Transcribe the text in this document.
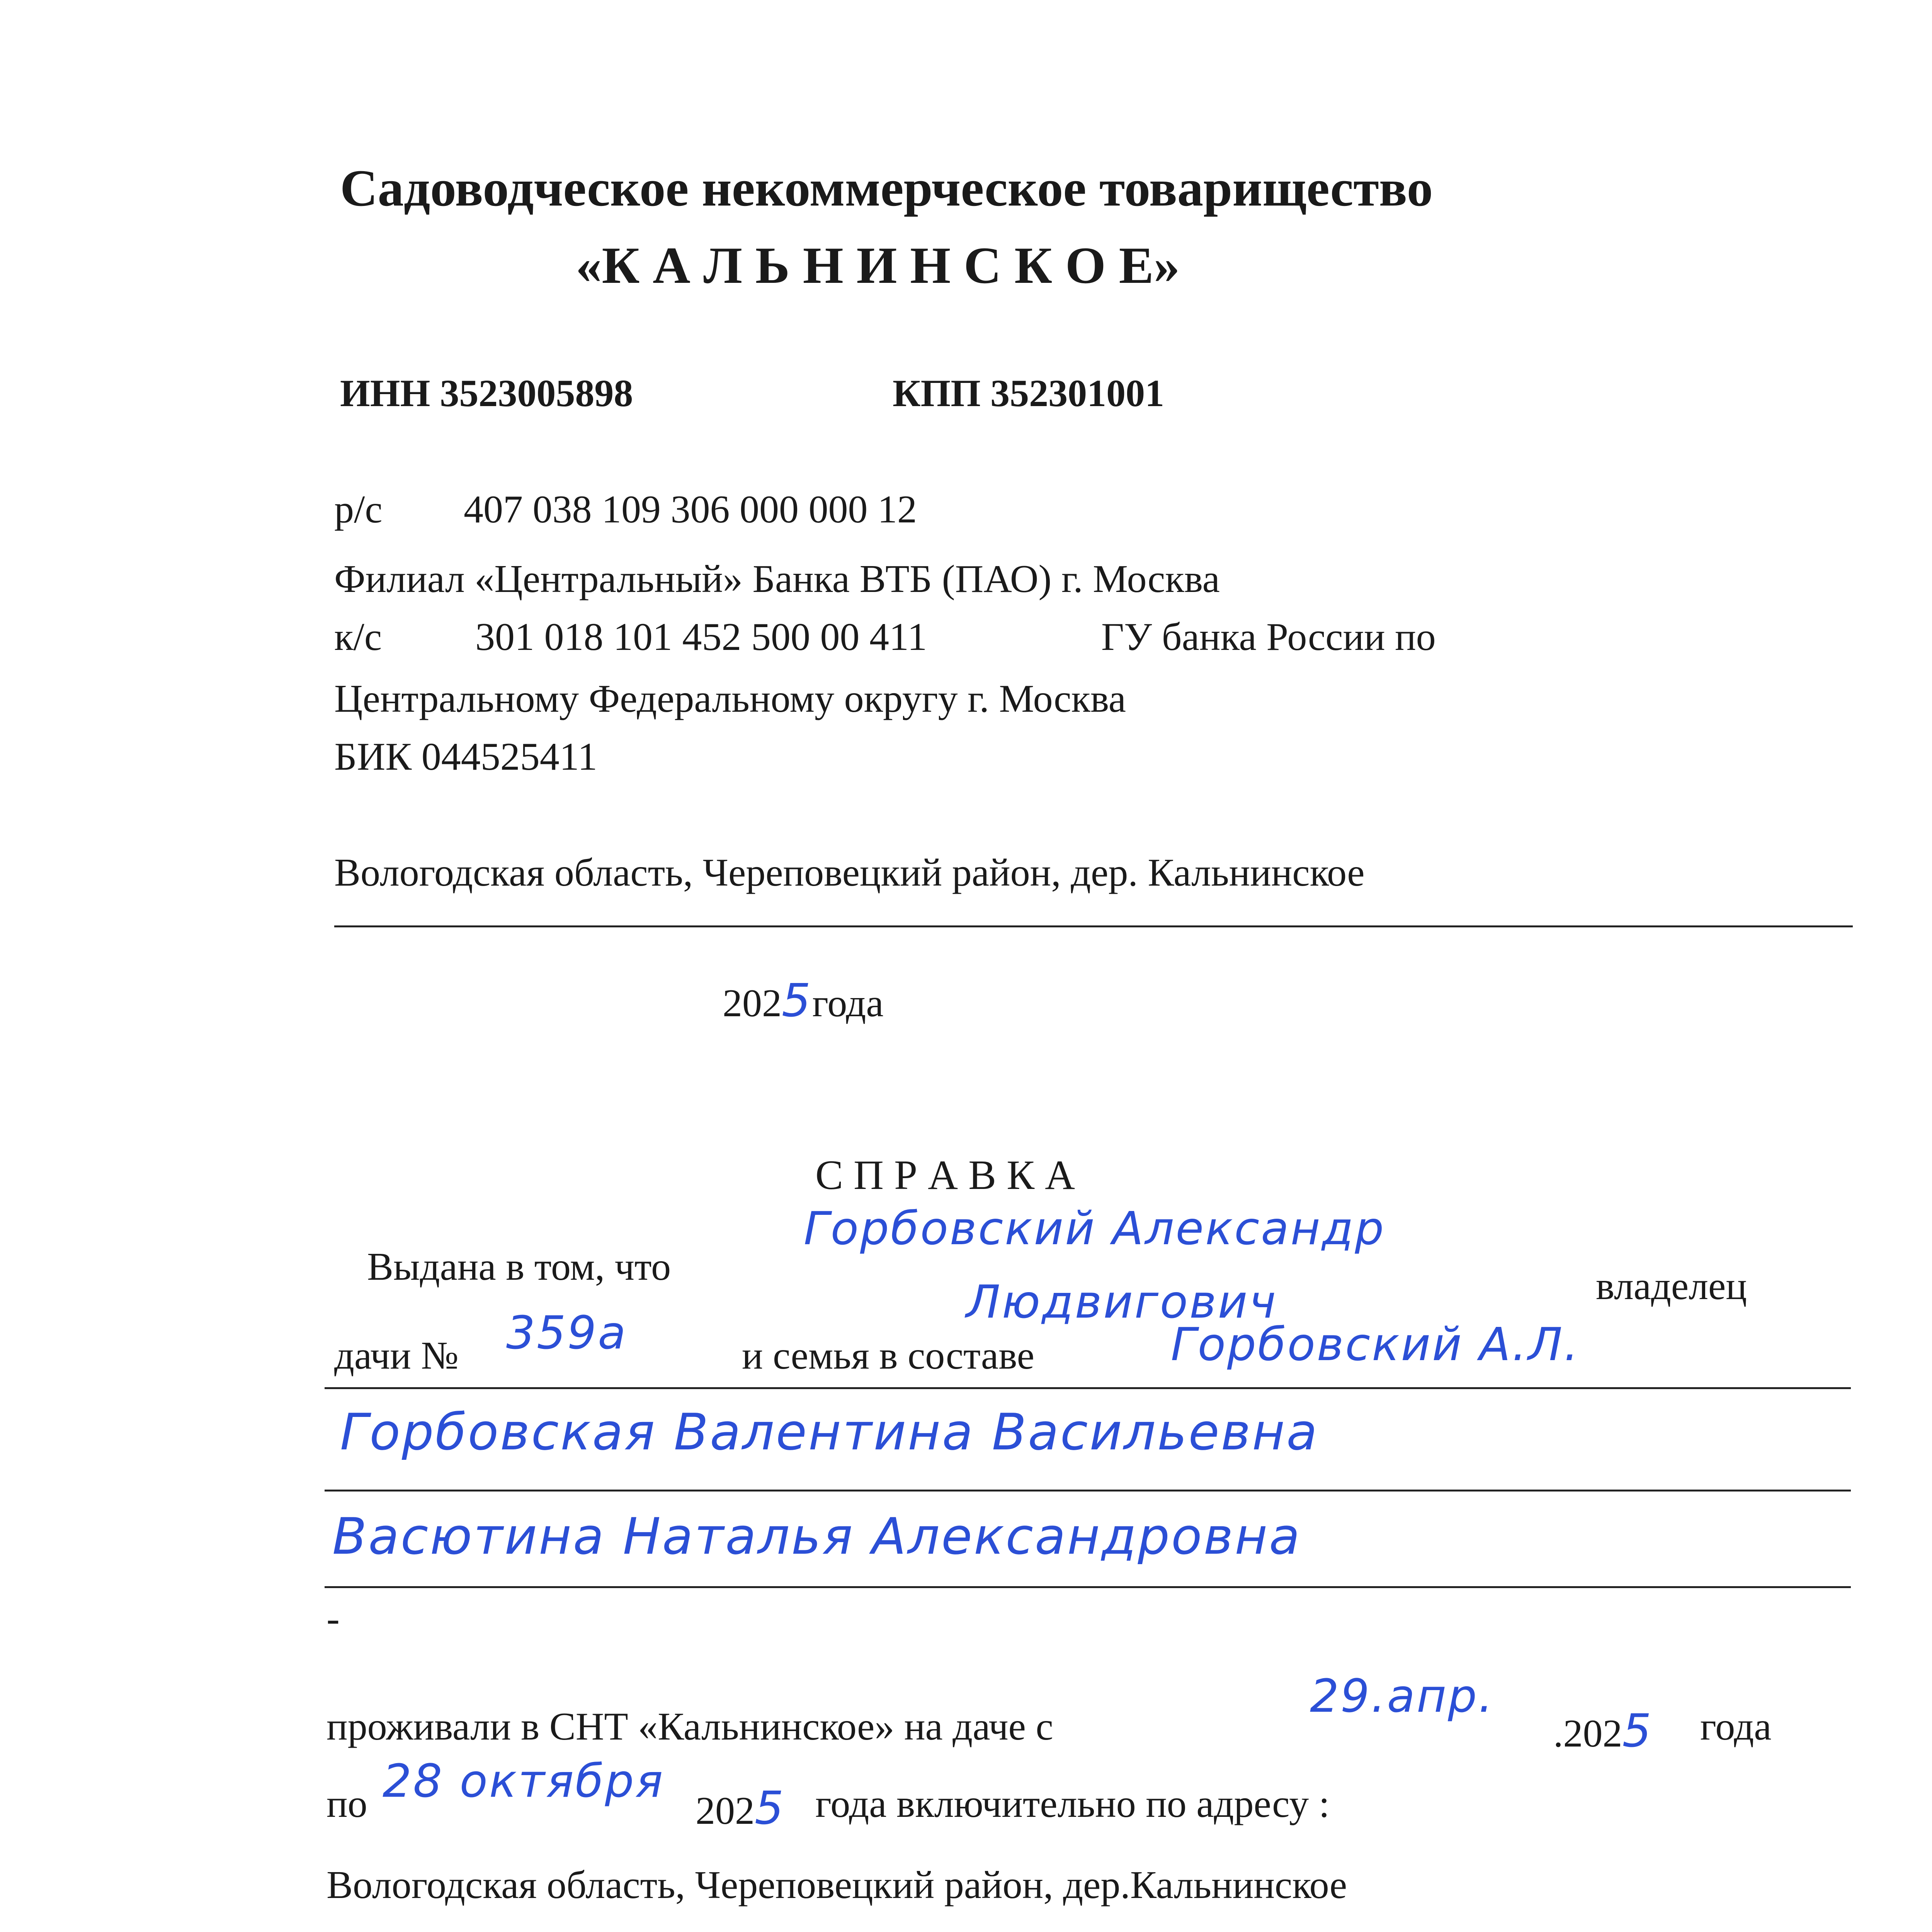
Садоводческое некоммерческое товарищество
«К А Л Ь Н И Н С К О Е»
ИНН 3523005898	КПП 352301001
р/с 407 038 109 306 000 000 12
Филиал «Центральный» Банка ВТБ (ПАО) г. Москва
к/с 301 018 101 452 500 00 411	ГУ банка России по
Центральному Федеральному округу г. Москва
БИК 044525411
Вологодская область, Череповецкий район, дер. Кальнинское
2025года
С П Р А В К А
Выдана в том, что
Горбовский Александр
Людвигович	владелец
дачи № 359а	и семья в составе	Горбовский А.Л.
Горбовская Валентина Васильевна
Васютина Наталья Александровна
-
проживали в СНТ «Кальнинское» на даче с
29.апр.
.2025 года
по 28 октября
2025 года включительно по адресу :
Вологодская область, Череповецкий район, дер.Кальнинское
